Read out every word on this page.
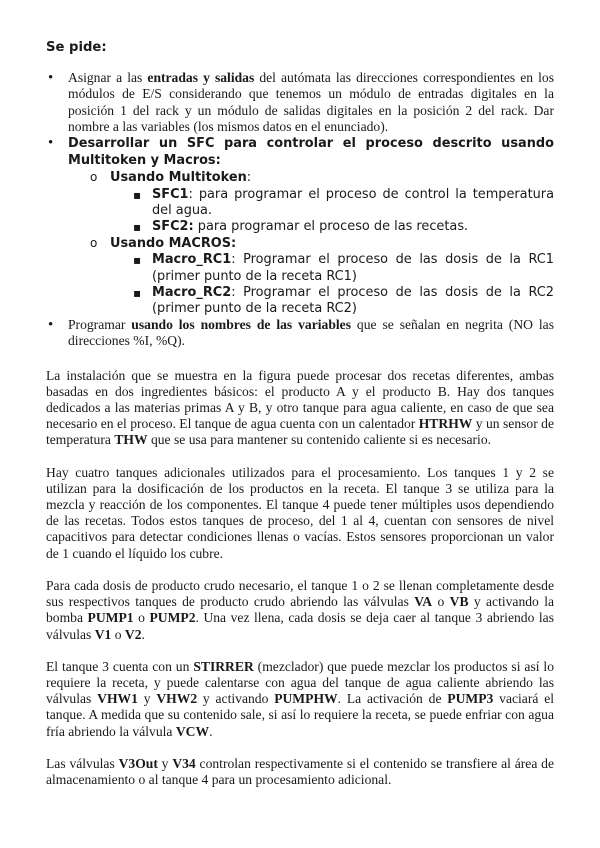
Se pide:
• Asignar a las entradas y salidas del autómata las direcciones correspondientes en los módulos de E/S considerando que tenemos un módulo de entradas digitales en la posición 1 del rack y un módulo de salidas digitales en la posición 2 del rack. Dar nombre a las variables (los mismos datos en el enunciado).
• Desarrollar un SFC para controlar el proceso descrito usando Multitoken y Macros:
o Usando Multitoken:
▪ SFC1: para programar el proceso de control la temperatura del agua.
▪ SFC2: para programar el proceso de las recetas.
o Usando MACROS:
▪ Macro_RC1: Programar el proceso de las dosis de la RC1 (primer punto de la receta RC1)
▪ Macro_RC2: Programar el proceso de las dosis de la RC2 (primer punto de la receta RC2)
• Programar usando los nombres de las variables que se señalan en negrita (NO las direcciones %I, %Q).

La instalación que se muestra en la figura puede procesar dos recetas diferentes, ambas basadas en dos ingredientes básicos: el producto A y el producto B. Hay dos tanques dedicados a las materias primas A y B, y otro tanque para agua caliente, en caso de que sea necesario en el proceso. El tanque de agua cuenta con un calentador HTRHW y un sensor de temperatura THW que se usa para mantener su contenido caliente si es necesario.

Hay cuatro tanques adicionales utilizados para el procesamiento. Los tanques 1 y 2 se utilizan para la dosificación de los productos en la receta. El tanque 3 se utiliza para la mezcla y reacción de los componentes. El tanque 4 puede tener múltiples usos dependiendo de las recetas. Todos estos tanques de proceso, del 1 al 4, cuentan con sensores de nivel capacitivos para detectar condiciones llenas o vacías. Estos sensores proporcionan un valor de 1 cuando el líquido los cubre.

Para cada dosis de producto crudo necesario, el tanque 1 o 2 se llenan completamente desde sus respectivos tanques de producto crudo abriendo las válvulas VA o VB y activando la bomba PUMP1 o PUMP2. Una vez llena, cada dosis se deja caer al tanque 3 abriendo las válvulas V1 o V2.

El tanque 3 cuenta con un STIRRER (mezclador) que puede mezclar los productos si así lo requiere la receta, y puede calentarse con agua del tanque de agua caliente abriendo las válvulas VHW1 y VHW2 y activando PUMPHW. La activación de PUMP3 vaciará el tanque. A medida que su contenido sale, si así lo requiere la receta, se puede enfriar con agua fría abriendo la válvula VCW.

Las válvulas V3Out y V34 controlan respectivamente si el contenido se transfiere al área de almacenamiento o al tanque 4 para un procesamiento adicional.
